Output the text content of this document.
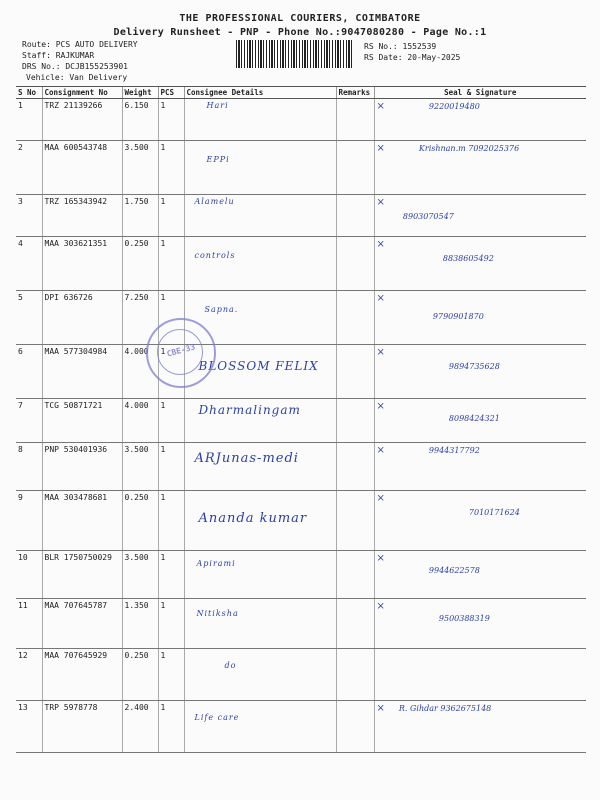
THE PROFESSIONAL COURIERS, COIMBATORE
Delivery Runsheet - PNP - Phone No.:9047080280 - Page No.:1
Route: PCS AUTO DELIVERY
Staff: RAJKUMAR
DRS No.: DCJB155253901
Vehicle: Van Delivery
RS No.: 1552539
RS Date: 20-May-2025
S No	Consignment No	Weight	PCS	Consignee Details	Remarks	Seal & Signature
1	TRZ 21139266	6.150	1	Hari		× 9220019480
2	MAA 600543748	3.500	1	EPPi		× Krishnan.m 7092025376
3	TRZ 165343942	1.750	1	Alamelu		×8903070547
4	MAA 303621351	0.250	1	controls		×8838605492
5	DPI 636726	7.250	1	Sapna.		×9790901870
6	MAA 577304984	4.000	1	BLOSSOM FELIX		×9894735628
7	TCG 50871721	4.000	1	Dharmalingam		×8098424321
8	PNP 530401936	3.500	1	ARJunas-medi		× 9944317792
9	MAA 303478681	0.250	1	Ananda kumar		×7010171624
10	BLR 1750750029	3.500	1	Apirami		×9944622578
11	MAA 707645787	1.350	1	Nitiksha		×9500388319
12	MAA 707645929	0.250	1	do		
13	TRP 5978778	2.400	1	Life care		× R. Gihdar 9362675148
CBE-33
